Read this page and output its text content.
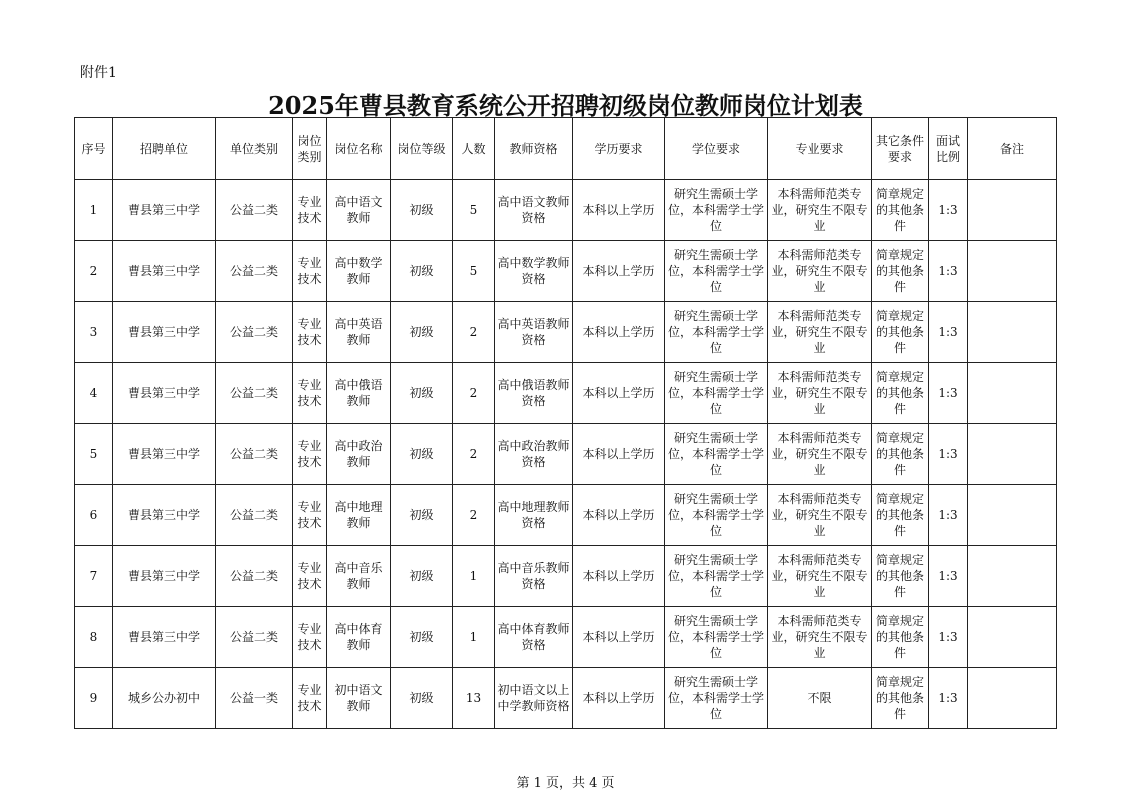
附件1
2025年曹县教育系统公开招聘初级岗位教师岗位计划表
序号	招聘单位	单位类别	岗位类别	岗位名称	岗位等级	人数	教师资格	学历要求	学位要求	专业要求	其它条件要求	面试比例	备注
1	曹县第三中学	公益二类	专业技术	高中语文教师	初级	5	高中语文教师资格	本科以上学历	研究生需硕士学位，本科需学士学位	本科需师范类专业，研究生不限专业	简章规定的其他条件	1:3	
2	曹县第三中学	公益二类	专业技术	高中数学教师	初级	5	高中数学教师资格	本科以上学历	研究生需硕士学位，本科需学士学位	本科需师范类专业，研究生不限专业	简章规定的其他条件	1:3	
3	曹县第三中学	公益二类	专业技术	高中英语教师	初级	2	高中英语教师资格	本科以上学历	研究生需硕士学位，本科需学士学位	本科需师范类专业，研究生不限专业	简章规定的其他条件	1:3	
4	曹县第三中学	公益二类	专业技术	高中俄语教师	初级	2	高中俄语教师资格	本科以上学历	研究生需硕士学位，本科需学士学位	本科需师范类专业，研究生不限专业	简章规定的其他条件	1:3	
5	曹县第三中学	公益二类	专业技术	高中政治教师	初级	2	高中政治教师资格	本科以上学历	研究生需硕士学位，本科需学士学位	本科需师范类专业，研究生不限专业	简章规定的其他条件	1:3	
6	曹县第三中学	公益二类	专业技术	高中地理教师	初级	2	高中地理教师资格	本科以上学历	研究生需硕士学位，本科需学士学位	本科需师范类专业，研究生不限专业	简章规定的其他条件	1:3	
7	曹县第三中学	公益二类	专业技术	高中音乐教师	初级	1	高中音乐教师资格	本科以上学历	研究生需硕士学位，本科需学士学位	本科需师范类专业，研究生不限专业	简章规定的其他条件	1:3	
8	曹县第三中学	公益二类	专业技术	高中体育教师	初级	1	高中体育教师资格	本科以上学历	研究生需硕士学位，本科需学士学位	本科需师范类专业，研究生不限专业	简章规定的其他条件	1:3	
9	城乡公办初中	公益一类	专业技术	初中语文教师	初级	13	初中语文以上中学教师资格	本科以上学历	研究生需硕士学位，本科需学士学位	不限	简章规定的其他条件	1:3	
第 1 页，共 4 页
